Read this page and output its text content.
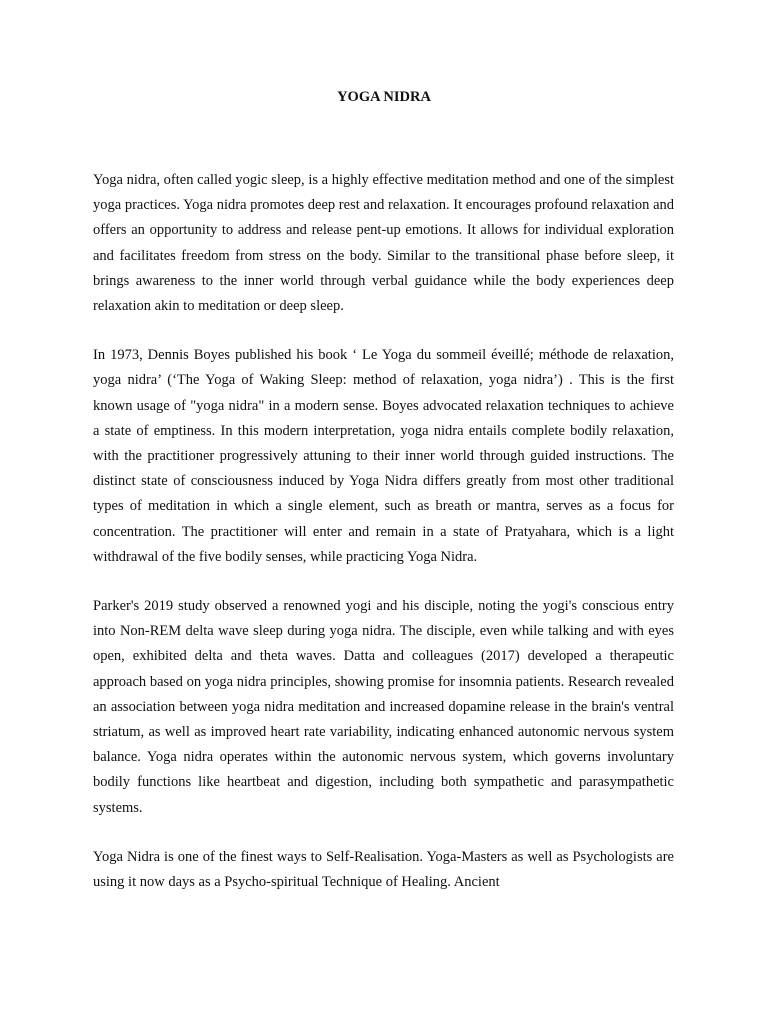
YOGA NIDRA

Yoga nidra, often called yogic sleep, is a highly effective meditation method and one of the simplest yoga practices. Yoga nidra promotes deep rest and relaxation. It encourages profound relaxation and offers an opportunity to address and release pent-up emotions. It allows for individual exploration and facilitates freedom from stress on the body. Similar to the transitional phase before sleep, it brings awareness to the inner world through verbal guidance while the body experiences deep relaxation akin to meditation or deep sleep.

In 1973, Dennis Boyes published his book ‘ Le Yoga du sommeil éveillé; méthode de relaxation, yoga nidra’ (‘The Yoga of Waking Sleep: method of relaxation, yoga nidra’) . This is the first known usage of "yoga nidra" in a modern sense. Boyes advocated relaxation techniques to achieve a state of emptiness. In this modern interpretation, yoga nidra entails complete bodily relaxation, with the practitioner progressively attuning to their inner world through guided instructions. The distinct state of consciousness induced by Yoga Nidra differs greatly from most other traditional types of meditation in which a single element, such as breath or mantra, serves as a focus for concentration. The practitioner will enter and remain in a state of Pratyahara, which is a light withdrawal of the five bodily senses, while practicing Yoga Nidra.

Parker's 2019 study observed a renowned yogi and his disciple, noting the yogi's conscious entry into Non-REM delta wave sleep during yoga nidra. The disciple, even while talking and with eyes open, exhibited delta and theta waves. Datta and colleagues (2017) developed a therapeutic approach based on yoga nidra principles, showing promise for insomnia patients. Research revealed an association between yoga nidra meditation and increased dopamine release in the brain's ventral striatum, as well as improved heart rate variability, indicating enhanced autonomic nervous system balance. Yoga nidra operates within the autonomic nervous system, which governs involuntary bodily functions like heartbeat and digestion, including both sympathetic and parasympathetic systems.

Yoga Nidra is one of the finest ways to Self-Realisation. Yoga-Masters as well as Psychologists are using it now days as a Psycho-spiritual Technique of Healing. Ancient
